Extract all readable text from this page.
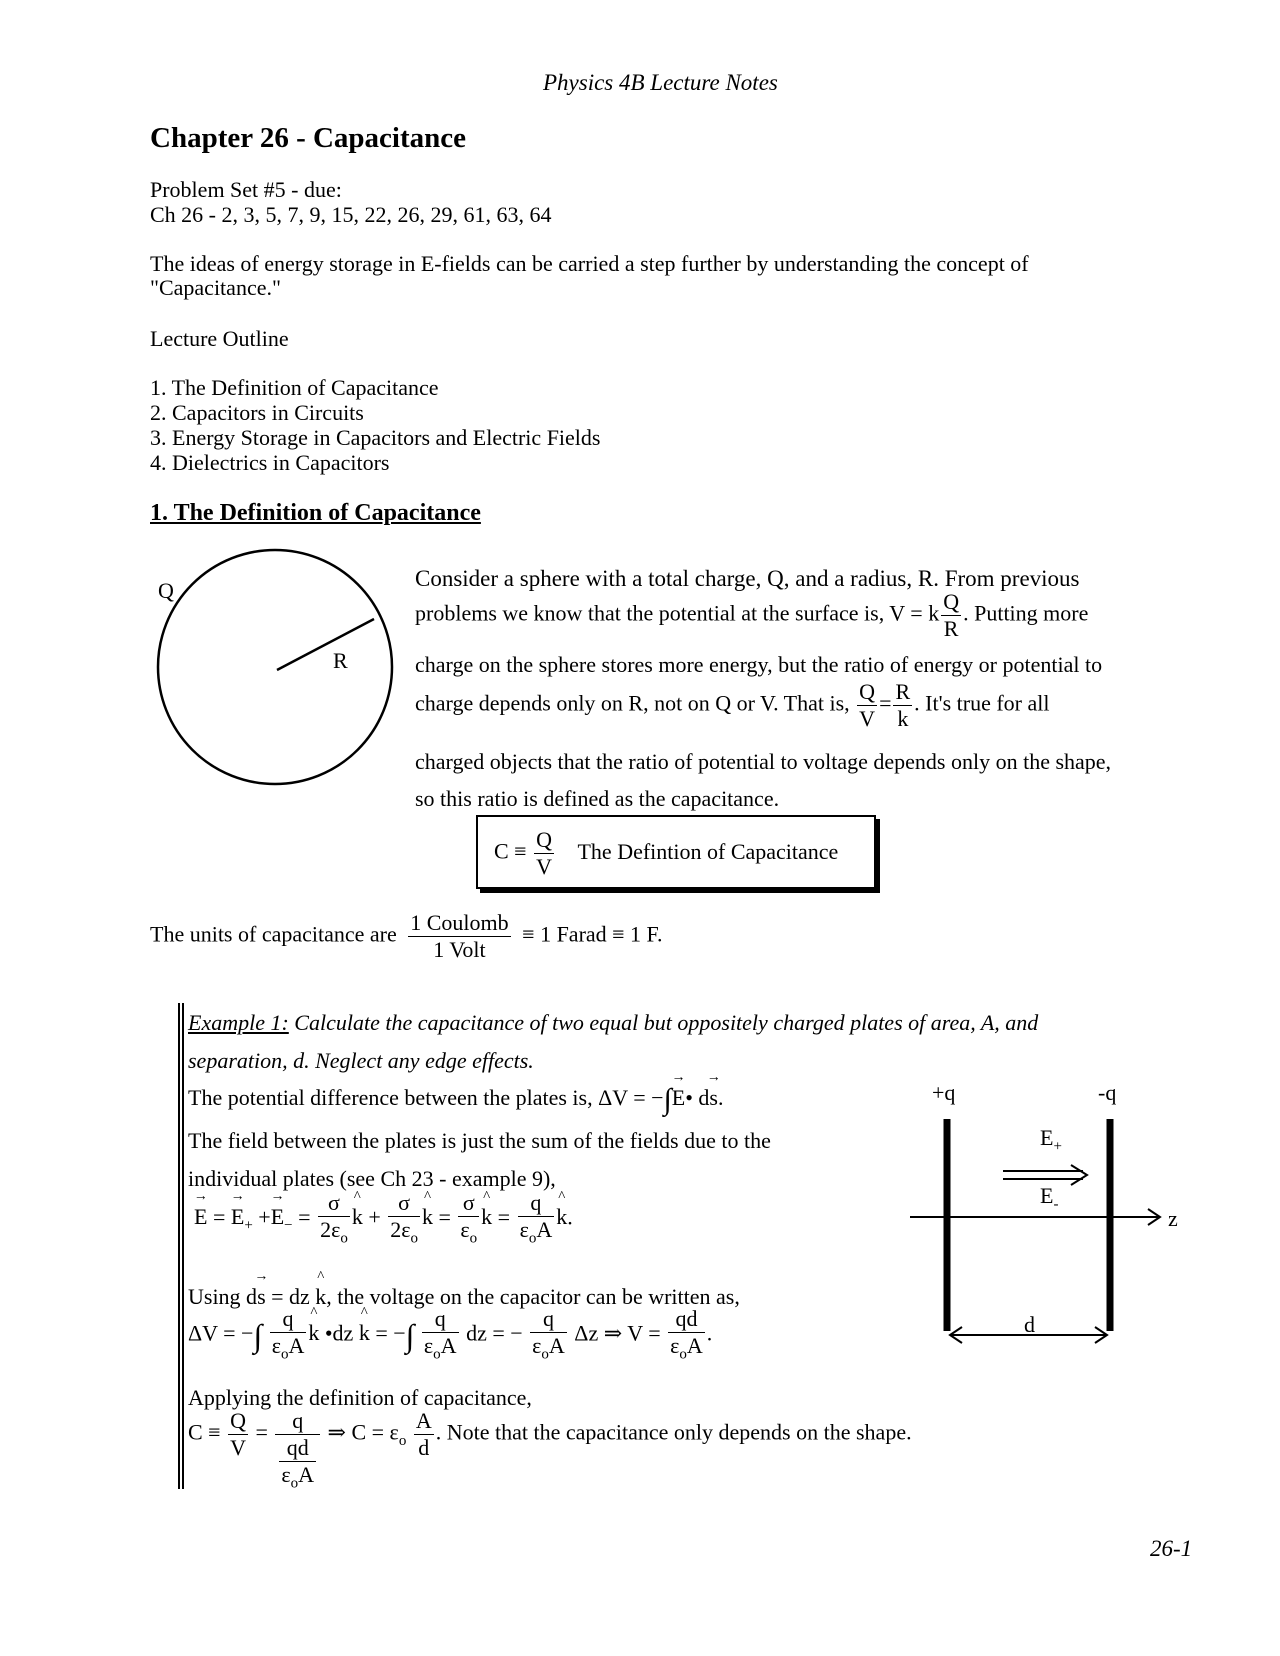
Physics 4B Lecture Notes
Chapter 26 - Capacitance
Problem Set #5 - due:
Ch 26 - 2, 3, 5, 7, 9, 15, 22, 26, 29, 61, 63, 64
The ideas of energy storage in E-fields can be carried a step further by understanding the concept of
"Capacitance."
Lecture Outline
1. The Definition of Capacitance
2. Capacitors in Circuits
3. Energy Storage in Capacitors and Electric Fields
4. Dielectrics in Capacitors
1. The Definition of Capacitance
Q
R
Consider a sphere with a total charge, Q, and a radius, R. From previous
problems we know that the potential at the surface is, V = k $\frac{Q}{R}$ . Putting more
charge on the sphere stores more energy, but the ratio of energy or potential to
charge depends only on R, not on Q or V. That is, $\frac{Q}{V} = \frac{R}{k}$ . It's true for all
charged objects that the ratio of potential to voltage depends only on the shape,
so this ratio is defined as the capacitance.
$C \equiv \frac{Q}{V}$ The Defintion of Capacitance
The units of capacitance are $\frac{\text{1 Coulomb}}{\text{1 Volt}} \equiv 1$ Farad ≡ 1 F.
Example 1: Calculate the capacitance of two equal but oppositely charged plates of area, A, and
separation, d. Neglect any edge effects.
The potential difference between the plates is, ΔV = −∫→ E• d→ s.
The field between the plates is just the sum of the fields due to the
individual plates (see Ch 23 - example 9),
→ E = → $E_+ +\to E_- = \frac{\sigma}{2\varepsilon_o}$ ^ $k + \frac{\sigma}{2\varepsilon_o}$ ^ $k = \frac{\sigma}{\varepsilon_o}$ ^ $k = \frac{q}{\varepsilon_oA}$ ^ k.
Using d→ s = dz ^ k, the voltage on the capacitor can be written as,
ΔV = −∫ $\frac{q}{\varepsilon_oA}$ ^ k •dz ^ k = −∫ $\frac{q}{\varepsilon_oA}$ dz = − $\frac{q}{\varepsilon_oA}$ Δz ⇒ $V = \frac{qd}{\varepsilon_oA}$ .
Applying the definition of capacitance,
$C \equiv \frac{Q}{V} = \frac{q}{\frac{qd}{\varepsilon_oA}}$ ⇒ $C = \varepsilon_o \frac{A}{d}$ . Note that the capacitance only depends on the shape.
+q	-q
$E_+$
$E_-$
z
d
26-1
